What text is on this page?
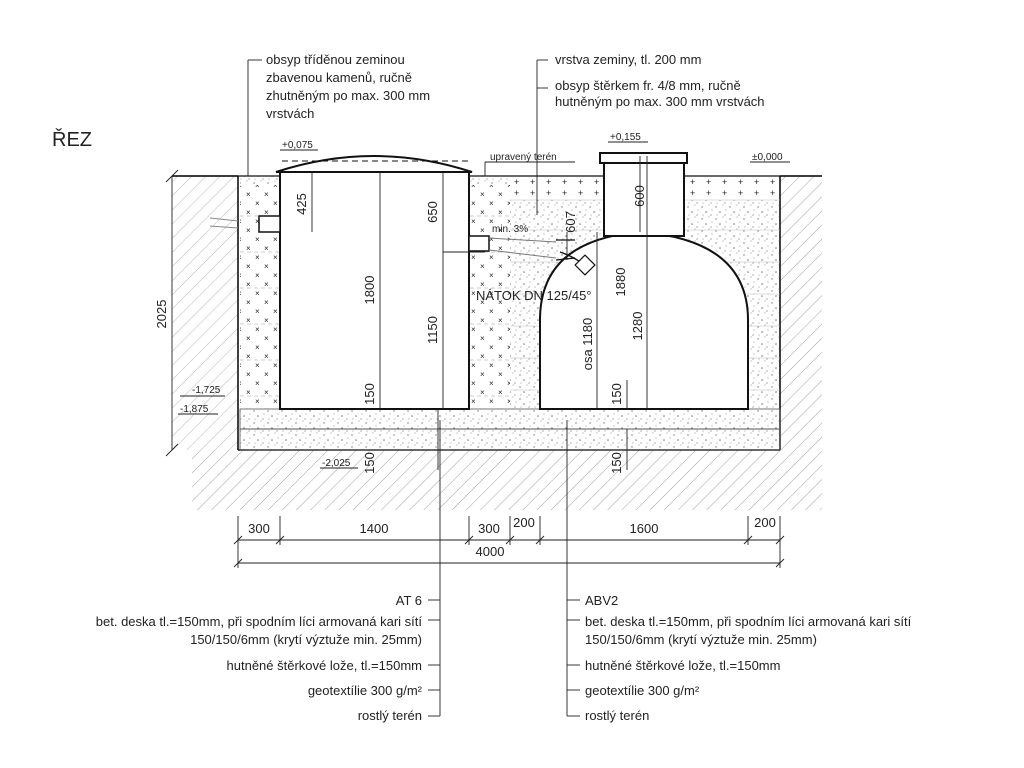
ŘEZ
obsyp tříděnou zeminou
zbavenou kamenů, ručně
zhutněným po max. 300 mm
vrstvách
vrstva zeminy, tl. 200 mm
obsyp štěrkem fr. 4/8 mm, ručně
hutněným po max. 300 mm vrstvách
+0,075
+0,155
±0,000
upravený terén
-1,725
-1,875
-2,025
2025
425
1800
650
1150
150
150
607
600
1880
1280
osa 1180
150
150
min. 3%
NÁTOK DN 125/45°
300	1400	300 200	1600	200
4000
AT 6
bet. deska tl.=150mm, při spodním líci armovaná kari sítí
150/150/6mm (krytí výztuže min. 25mm)
hutněné štěrkové lože, tl.=150mm
geotextílie 300 g/m²
rostlý terén
ABV2
bet. deska tl.=150mm, při spodním líci armovaná kari sítí
150/150/6mm (krytí výztuže min. 25mm)
hutněné štěrkové lože, tl.=150mm
geotextílie 300 g/m²
rostlý terén
